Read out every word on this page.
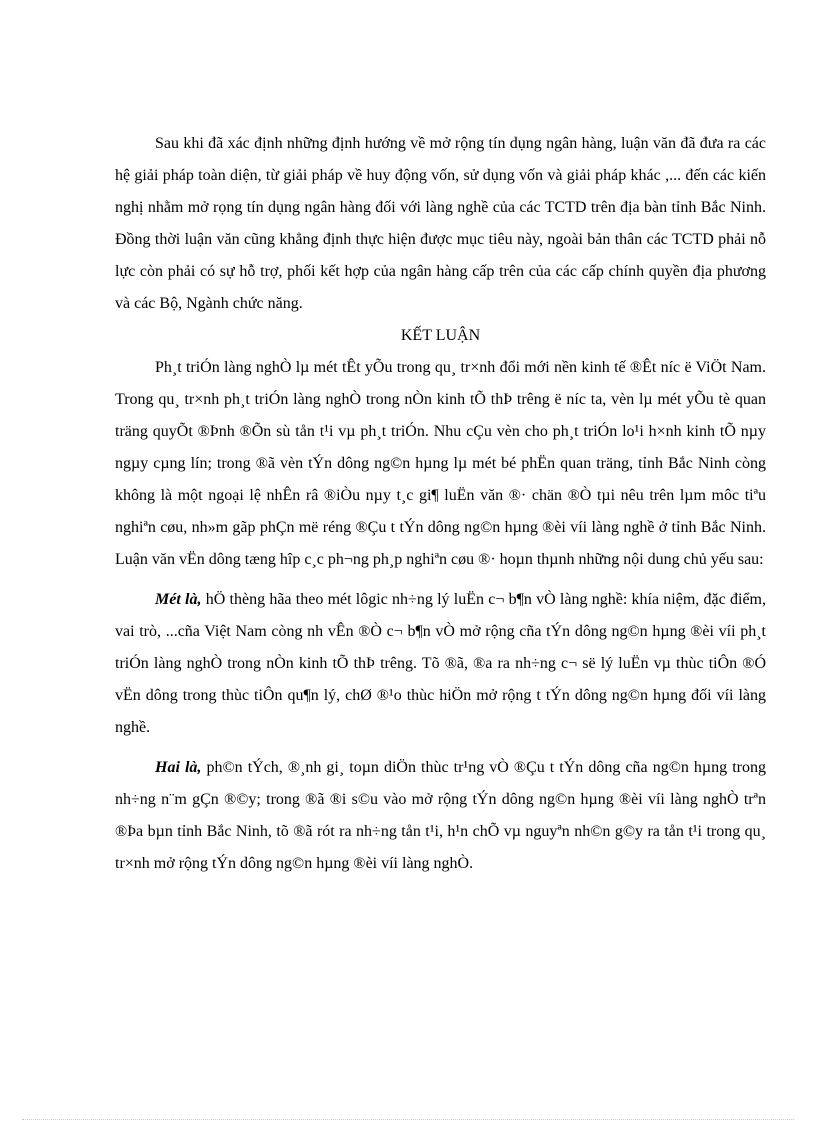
Sau khi đã xác định những định hướng về mở rộng tín dụng ngân hàng, luận văn đã đưa ra các hệ giải pháp toàn diện, từ giải pháp về huy động vốn, sử dụng vốn và giải pháp khác ,... đến các kiến nghị nhằm mở rọng tín dụng ngân hàng đối với làng nghề của các TCTD trên địa bàn tỉnh Bắc Ninh. Đồng thời luận văn cũng khẳng định thực hiện được mục tiêu này, ngoài bản thân các TCTD phải nỗ lực còn phải có sự hỗ trợ, phối kết hợp của ngân hàng cấp trên của các cấp chính quyền địa phương và các Bộ, Ngành chức năng.

KẾT LUẬN

Ph¸t triÓn làng nghÒ lµ mét tÊt yÕu trong qu¸ tr×nh đổi mới nền kinh tế ®Êt níc ë ViÖt Nam. Trong qu¸ tr×nh ph¸t triÓn làng nghÒ trong nÒn kinh tÕ thÞ trêng ë níc ta, vèn lµ mét yÕu tè quan träng quyÕt ®Þnh ®Õn sù tån t¹i vµ ph¸t triÓn. Nhu cÇu vèn cho ph¸t triÓn lo¹i h×nh kinh tÕ nµy ngµy cµng lín; trong ®ã vèn tÝn dông ng©n hµng lµ mét bé phËn quan träng, tỉnh Bắc Ninh còng không là một ngoại lệ nhÊn râ ®iÒu nµy t¸c gi¶ luËn văn ®· chän ®Ò tµi nêu trên lµm môc tiªu nghiªn cøu, nh»m gãp phÇn më réng ®Çu t tÝn dông ng©n hµng ®èi víi làng nghề ở tỉnh Bắc Ninh. Luận văn vËn dông tæng hîp c¸c ph¬ng ph¸p nghiªn cøu ®· hoµn thµnh những nội dung chủ yếu sau:

Mét là, hÖ thèng hãa theo mét lôgic nh÷ng lý luËn c¬ b¶n vÒ làng nghề: khía niệm, đặc điểm, vai trò, ...cña Việt Nam còng nh vÊn ®Ò c¬ b¶n vÒ mở rộng cña tÝn dông ng©n hµng ®èi víi ph¸t triÓn làng nghÒ trong nÒn kinh tÕ thÞ trêng. Tõ ®ã, ®a ra nh÷ng c¬ së lý luËn vµ thùc tiÔn ®Ó vËn dông trong thùc tiÔn qu¶n lý, chØ ®¹o thùc hiÖn mở rộng t tÝn dông ng©n hµng đối víi làng nghề.

Hai là, ph©n tÝch, ®¸nh gi¸ toµn diÖn thùc tr¹ng vÒ ®Çu t tÝn dông cña ng©n hµng trong nh÷ng n¨m gÇn ®©y; trong ®ã ®i s©u vào mở rộng tÝn dông ng©n hµng ®èi víi làng nghÒ trªn ®Þa bµn tỉnh Bắc Ninh, tõ ®ã rót ra nh÷ng tån t¹i, h¹n chÕ vµ nguyªn nh©n g©y ra tån t¹i trong qu¸ tr×nh mở rộng tÝn dông ng©n hµng ®èi víi làng nghÒ.
